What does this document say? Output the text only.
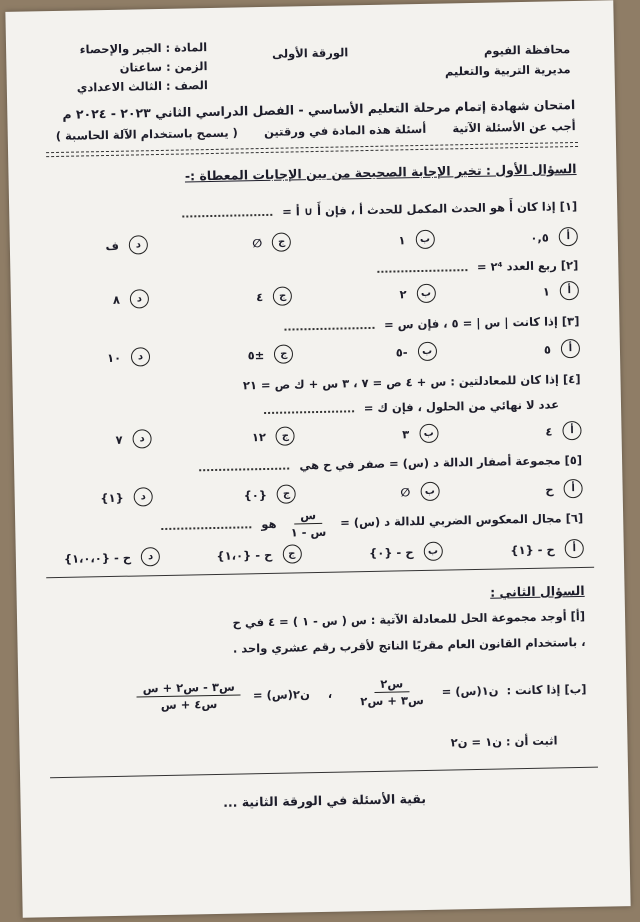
محافظة الفيوم
مديرية التربية والتعليم
الورقة الأولى
المادة : الجبر والإحصاء
الزمن : ساعتان
الصف : الثالث الاعدادي
امتحان شهادة إتمام مرحلة التعليم الأساسي - الفصل الدراسي الثاني ٢٠٢٣ - ٢٠٢٤ م
أجب عن الأسئلة الآتية
أسئلة هذه المادة في ورقتين
( يسمح باستخدام الآلة الحاسبة )
السؤال الأول : تخير الإجابة الصحيحة من بين الإجابات المعطاة :-
[١] إذا كان أَ هو الحدث المكمل للحدث أ ، فإن أَ ∪ أ =
أ
٠,٥
ب
١
ج
∅
د
ف
[٢] ربع العدد ٢⁴ =
أ
١
ب
٢
ج
٤
د
٨
[٣] إذا كانت | س | = ٥ ، فإن س =
أ
٥
ب
-٥
ج
±٥
د
١٠
[٤] إذا كان للمعادلتين : س + ٤ ص = ٧ ، ٣ س + ك ص = ٢١
عدد لا نهائي من الحلول ، فإن ك =
أ
٤
ب
٣
ج
١٢
د
٧
[٥] مجموعة أصفار الدالة د (س) = صفر في ح هي
أ
ح
ب
∅
ج
{٠}
د
{١}
[٦] مجال المعكوس الضربي للدالة د (س) =
$\frac{\text{س}}{\text{س - ١}}$
هو
أ
ح - {١}
ب
ح - {٠}
ج
ح - {١،٠}
د
ح - {١،٠،٠}
السؤال الثاني :
[أ] أوجد مجموعة الحل للمعادلة الآتية : س ( س - ١ ) = ٤ في ح
، باستخدام القانون العام مقربًا الناتج لأقرب رقم عشري واحد .
[ب] إذا كانت :
ن١(س) =
$\frac{\text{س٢}}{\text{س٣ + س٢}}$
،
ن٢(س) =
$\frac{\text{س٣ - س٢ + س}}{\text{س٤ + س}}$
اثبت أن : ن١ = ن٢
بقية الأسئلة في الورقة الثانية ...
